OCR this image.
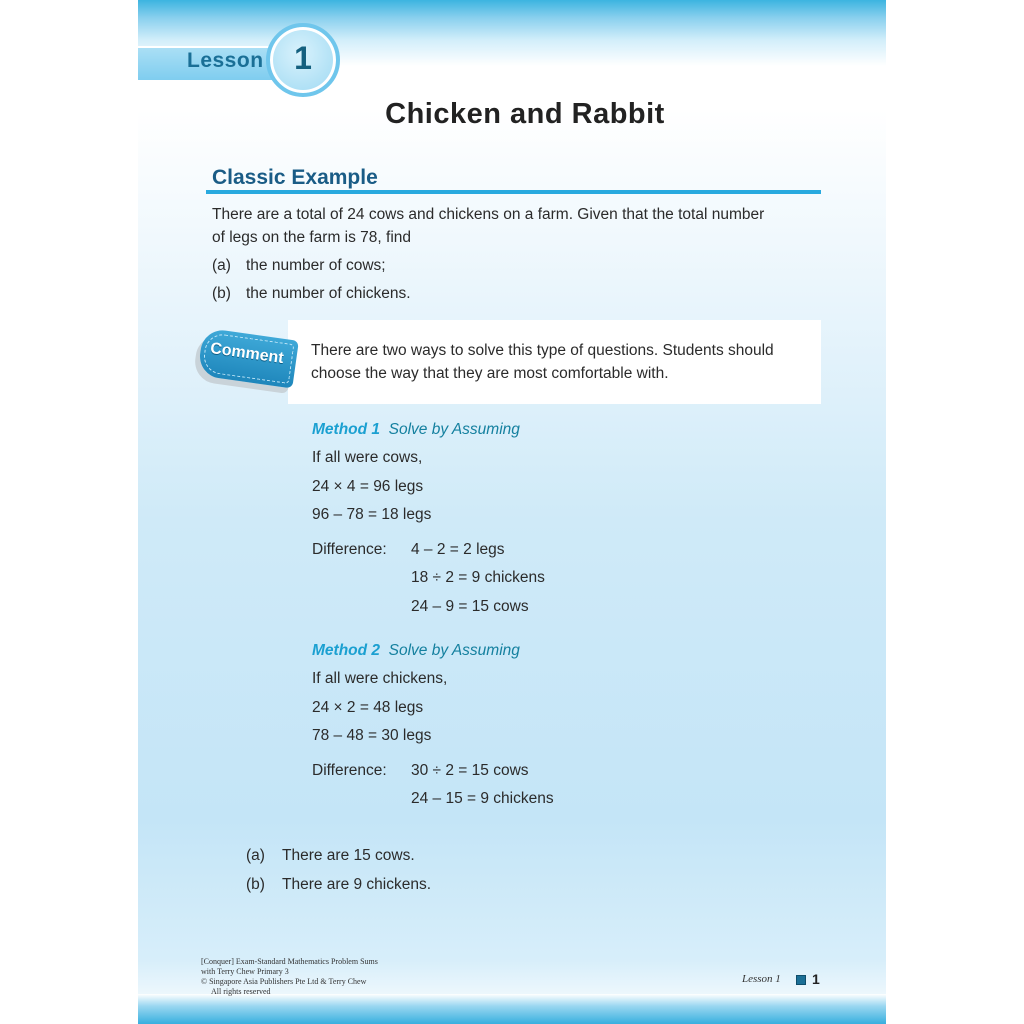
Lesson 1
Chicken and Rabbit
Classic Example
There are a total of 24 cows and chickens on a farm. Given that the total number
of legs on the farm is 78, find
(a) the number of cows;
(b) the number of chickens.
Comment There are two ways to solve this type of questions. Students should
choose the way that they are most comfortable with.
Method 1 Solve by Assuming
If all were cows,
24 × 4 = 96 legs
96 – 78 = 18 legs
Difference: 4 – 2 = 2 legs
18 ÷ 2 = 9 chickens
24 – 9 = 15 cows
Method 2 Solve by Assuming
If all were chickens,
24 × 2 = 48 legs
78 – 48 = 30 legs
Difference: 30 ÷ 2 = 15 cows
24 – 15 = 9 chickens
(a) There are 15 cows.
(b) There are 9 chickens.
[Conquer] Exam-Standard Mathematics Problem Sums
with Terry Chew Primary 3
© Singapore Asia Publishers Pte Ltd & Terry Chew
All rights reserved
Lesson 1 1
